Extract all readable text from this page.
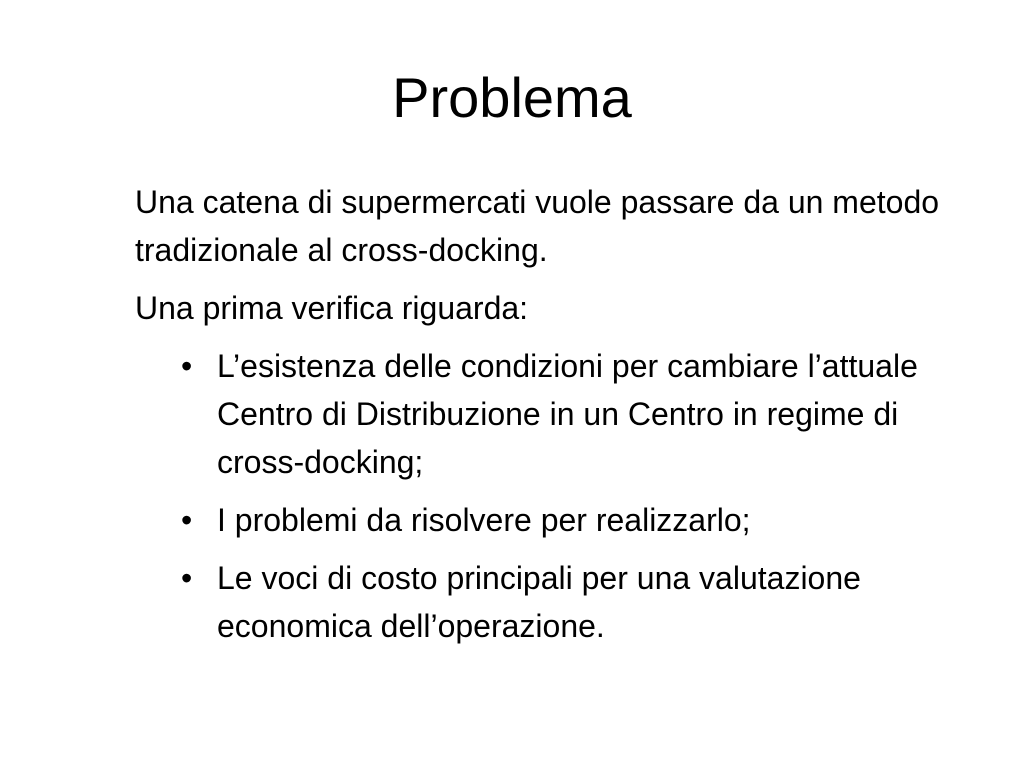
Problema

Una catena di supermercati vuole passare da un metodo tradizionale al cross-docking.

Una prima verifica riguarda:

• L’esistenza delle condizioni per cambiare l’attuale Centro di Distribuzione in un Centro in regime di cross-docking;
• I problemi da risolvere per realizzarlo;
• Le voci di costo principali per una valutazione economica dell’operazione.
